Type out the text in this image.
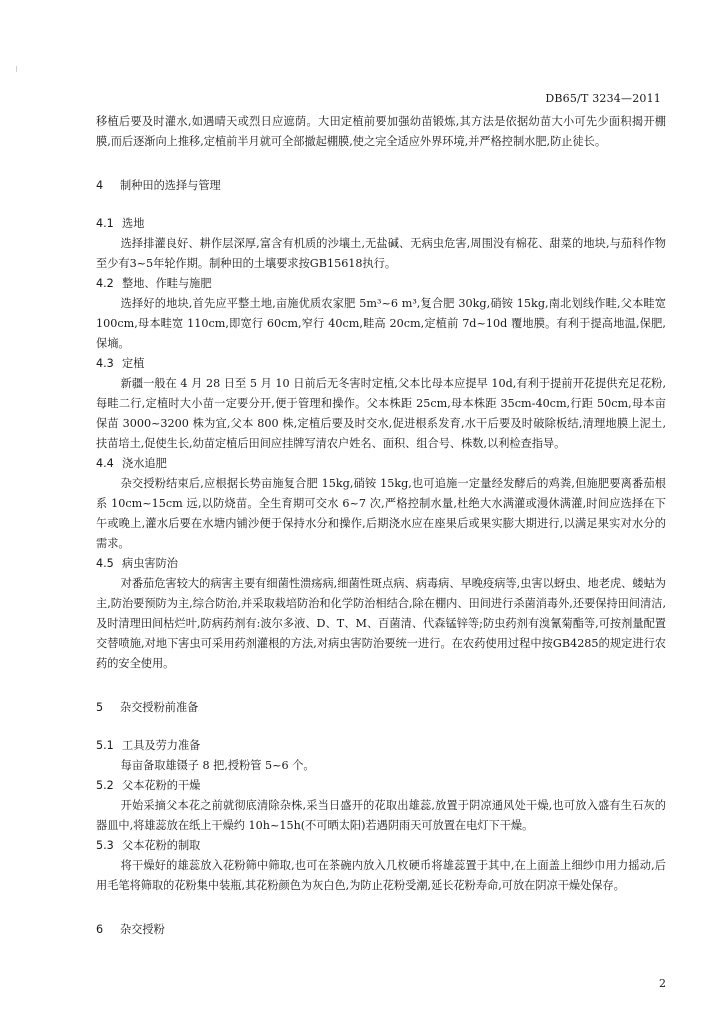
DB65/T 3234—2011

移植后要及时灌水,如遇晴天或烈日应遮荫。大田定植前要加强幼苗锻炼,其方法是依据幼苗大小可先少面积揭开棚膜,而后逐渐向上推移,定植前半月就可全部撤起棚膜,使之完全适应外界环境,并严格控制水肥,防止徒长。

4 制种田的选择与管理
4.1 选地

选择排灌良好、耕作层深厚,富含有机质的沙壤土,无盐碱、无病虫危害,周围没有棉花、甜菜的地块,与茄科作物至少有3~5年轮作期。制种田的土壤要求按GB15618执行。

4.2 整地、作畦与施肥

选择好的地块,首先应平整土地,亩施优质农家肥 5m³~6 m³,复合肥 30kg,硝铵 15kg,南北划线作畦,父本畦宽 100cm,母本畦宽 110cm,即宽行 60cm,窄行 40cm,畦高 20cm,定植前 7d~10d 覆地膜。有利于提高地温,保肥,保墒。

4.3 定植

新疆一般在 4 月 28 日至 5 月 10 日前后无冬害时定植,父本比母本应提早 10d,有利于提前开花提供充足花粉,每畦二行,定植时大小苗一定要分开,便于管理和操作。父本株距 25cm,母本株距 35cm-40cm,行距 50cm,母本亩保苗 3000~3200 株为宜,父本 800 株,定植后要及时交水,促进根系发育,水干后要及时破除板结,清理地膜上泥土,扶苗培土,促使生长,幼苗定植后田间应挂牌写清农户姓名、面积、组合号、株数,以利检查指导。

4.4 浇水追肥

杂交授粉结束后,应根据长势亩施复合肥 15kg,硝铵 15kg,也可追施一定量经发酵后的鸡粪,但施肥要离番茄根系 10cm~15cm 远,以防烧苗。全生育期可交水 6~7 次,严格控制水量,杜绝大水满灌或漫休满灌,时间应选择在下午或晚上,灌水后要在水塘内铺沙便于保持水分和操作,后期浇水应在座果后或果实膨大期进行,以满足果实对水分的需求。

4.5 病虫害防治

对番茄危害较大的病害主要有细菌性溃疡病,细菌性斑点病、病毒病、早晚疫病等,虫害以蚜虫、地老虎、蝼蛄为主,防治要预防为主,综合防治,并采取栽培防治和化学防治相结合,除在棚内、田间进行杀菌消毒外,还要保持田间清洁,及时清理田间枯烂叶,防病药剂有:波尔多液、D、T、M、百菌清、代森锰锌等;防虫药剂有溴氰菊酯等,可按剂量配置交替喷施,对地下害虫可采用药剂灌根的方法,对病虫害防治要统一进行。在农药使用过程中按GB4285的规定进行农药的安全使用。

5 杂交授粉前准备
5.1 工具及劳力准备

每亩备取雄镊子 8 把,授粉管 5~6 个。

5.2 父本花粉的干燥

开始采摘父本花之前就彻底清除杂株,采当日盛开的花取出雄蕊,放置于阴凉通风处干燥,也可放入盛有生石灰的器皿中,将雄蕊放在纸上干燥约 10h~15h(不可晒太阳)若遇阴雨天可放置在电灯下干燥。

5.3 父本花粉的制取

将干燥好的雄蕊放入花粉筛中筛取,也可在茶碗内放入几枚硬币将雄蕊置于其中,在上面盖上细纱巾用力摇动,后用毛笔将筛取的花粉集中装瓶,其花粉颜色为灰白色,为防止花粉受潮,延长花粉寿命,可放在阴凉干燥处保存。

6 杂交授粉
2
